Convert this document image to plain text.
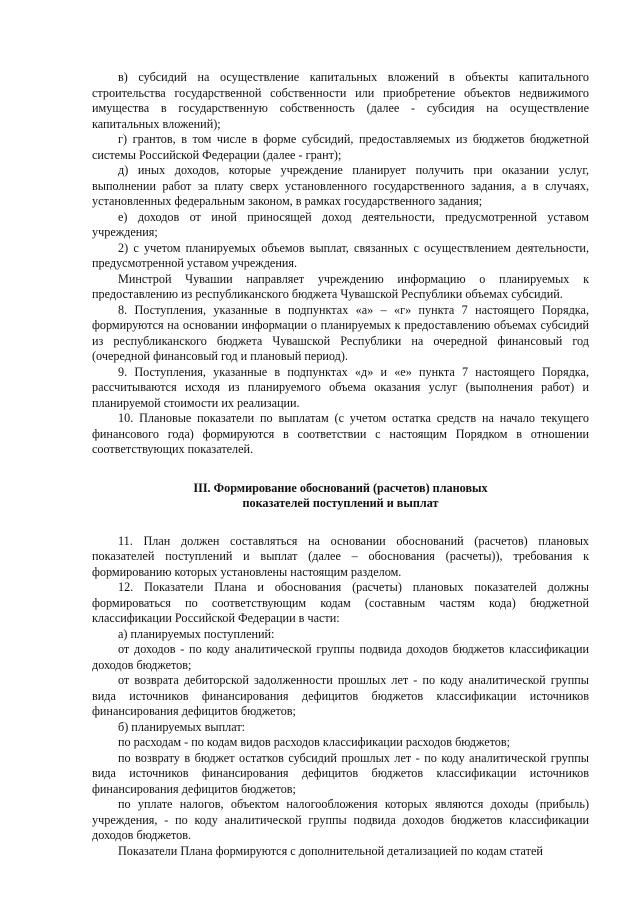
в) субсидий на осуществление капитальных вложений в объекты капитального строительства государственной собственности или приобретение объектов недвижимого имущества в государственную собственность (далее - субсидия на осуществление капитальных вложений);

г) грантов, в том числе в форме субсидий, предоставляемых из бюджетов бюджетной системы Российской Федерации (далее - грант);

д) иных доходов, которые учреждение планирует получить при оказании услуг, выполнении работ за плату сверх установленного государственного задания, а в случаях, установленных федеральным законом, в рамках государственного задания;

е) доходов от иной приносящей доход деятельности, предусмотренной уставом учреждения;

2) с учетом планируемых объемов выплат, связанных с осуществлением деятельности, предусмотренной уставом учреждения.

Минстрой Чувашии направляет учреждению информацию о планируемых к предоставлению из республиканского бюджета Чувашской Республики объемах субсидий.

8. Поступления, указанные в подпунктах «а» – «г» пункта 7 настоящего Порядка, формируются на основании информации о планируемых к предоставлению объемах субсидий из республиканского бюджета Чувашской Республики на очередной финансовый год (очередной финансовый год и плановый период).

9. Поступления, указанные в подпунктах «д» и «е» пункта 7 настоящего Порядка, рассчитываются исходя из планируемого объема оказания услуг (выполнения работ) и планируемой стоимости их реализации.

10. Плановые показатели по выплатам (с учетом остатка средств на начало текущего финансового года) формируются в соответствии с настоящим Порядком в отношении соответствующих показателей.

III. Формирование обоснований (расчетов) плановых
показателей поступлений и выплат

11. План должен составляться на основании обоснований (расчетов) плановых показателей поступлений и выплат (далее – обоснования (расчеты)), требования к формированию которых установлены настоящим разделом.

12. Показатели Плана и обоснования (расчеты) плановых показателей должны формироваться по соответствующим кодам (составным частям кода) бюджетной классификации Российской Федерации в части:

а) планируемых поступлений:

от доходов - по коду аналитической группы подвида доходов бюджетов классификации доходов бюджетов;

от возврата дебиторской задолженности прошлых лет - по коду аналитической группы вида источников финансирования дефицитов бюджетов классификации источников финансирования дефицитов бюджетов;

б) планируемых выплат:

по расходам - по кодам видов расходов классификации расходов бюджетов;

по возврату в бюджет остатков субсидий прошлых лет - по коду аналитической группы вида источников финансирования дефицитов бюджетов классификации источников финансирования дефицитов бюджетов;

по уплате налогов, объектом налогообложения которых являются доходы (прибыль) учреждения, - по коду аналитической группы подвида доходов бюджетов классификации доходов бюджетов.

Показатели Плана формируются с дополнительной детализацией по кодам статей
